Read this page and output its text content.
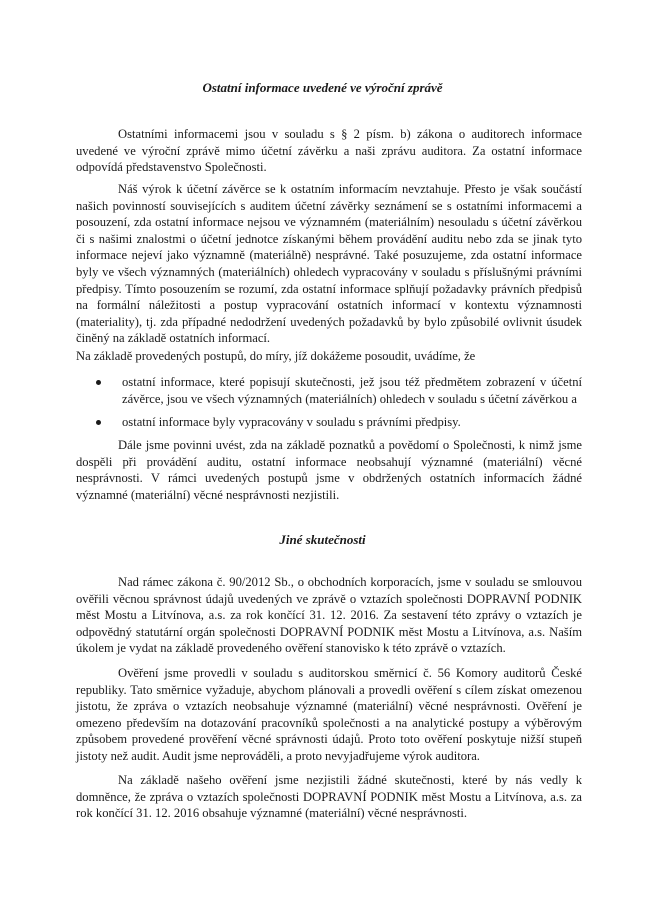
Ostatní informace uvedené ve výroční zprávě

Ostatními informacemi jsou v souladu s § 2 písm. b) zákona o auditorech informace uvedené ve výroční zprávě mimo účetní závěrku a naši zprávu auditora. Za ostatní informace odpovídá představenstvo Společnosti.

Náš výrok k účetní závěrce se k ostatním informacím nevztahuje. Přesto je však součástí našich povinností souvisejících s auditem účetní závěrky seznámení se s ostatními informacemi a posouzení, zda ostatní informace nejsou ve významném (materiálním) nesouladu s účetní závěrkou či s našimi znalostmi o účetní jednotce získanými během provádění auditu nebo zda se jinak tyto informace nejeví jako významně (materiálně) nesprávné. Také posuzujeme, zda ostatní informace byly ve všech významných (materiálních) ohledech vypracovány v souladu s příslušnými právními předpisy. Tímto posouzením se rozumí, zda ostatní informace splňují požadavky právních předpisů na formální náležitosti a postup vypracování ostatních informací v kontextu významnosti (materiality), tj. zda případné nedodržení uvedených požadavků by bylo způsobilé ovlivnit úsudek činěný na základě ostatních informací.

Na základě provedených postupů, do míry, jíž dokážeme posoudit, uvádíme, že

ostatní informace, které popisují skutečnosti, jež jsou též předmětem zobrazení v účetní závěrce, jsou ve všech významných (materiálních) ohledech v souladu s účetní závěrkou a

ostatní informace byly vypracovány v souladu s právními předpisy.

Dále jsme povinni uvést, zda na základě poznatků a povědomí o Společnosti, k nimž jsme dospěli při provádění auditu, ostatní informace neobsahují významné (materiální) věcné nesprávnosti. V rámci uvedených postupů jsme v obdržených ostatních informacích žádné významné (materiální) věcné nesprávnosti nezjistili.

Jiné skutečnosti

Nad rámec zákona č. 90/2012 Sb., o obchodních korporacích, jsme v souladu se smlouvou ověřili věcnou správnost údajů uvedených ve zprávě o vztazích společnosti DOPRAVNÍ PODNIK měst Mostu a Litvínova, a.s. za rok končící 31. 12. 2016. Za sestavení této zprávy o vztazích je odpovědný statutární orgán společnosti DOPRAVNÍ PODNIK měst Mostu a Litvínova, a.s. Naším úkolem je vydat na základě provedeného ověření stanovisko k této zprávě o vztazích.

Ověření jsme provedli v souladu s auditorskou směrnicí č. 56 Komory auditorů České republiky. Tato směrnice vyžaduje, abychom plánovali a provedli ověření s cílem získat omezenou jistotu, že zpráva o vztazích neobsahuje významné (materiální) věcné nesprávnosti. Ověření je omezeno především na dotazování pracovníků společnosti a na analytické postupy a výběrovým způsobem provedené prověření věcné správnosti údajů. Proto toto ověření poskytuje nižší stupeň jistoty než audit. Audit jsme neprováděli, a proto nevyjadřujeme výrok auditora.

Na základě našeho ověření jsme nezjistili žádné skutečnosti, které by nás vedly k domněnce, že zpráva o vztazích společnosti DOPRAVNÍ PODNIK měst Mostu a Litvínova, a.s. za rok končící 31. 12. 2016 obsahuje významné (materiální) věcné nesprávnosti.
